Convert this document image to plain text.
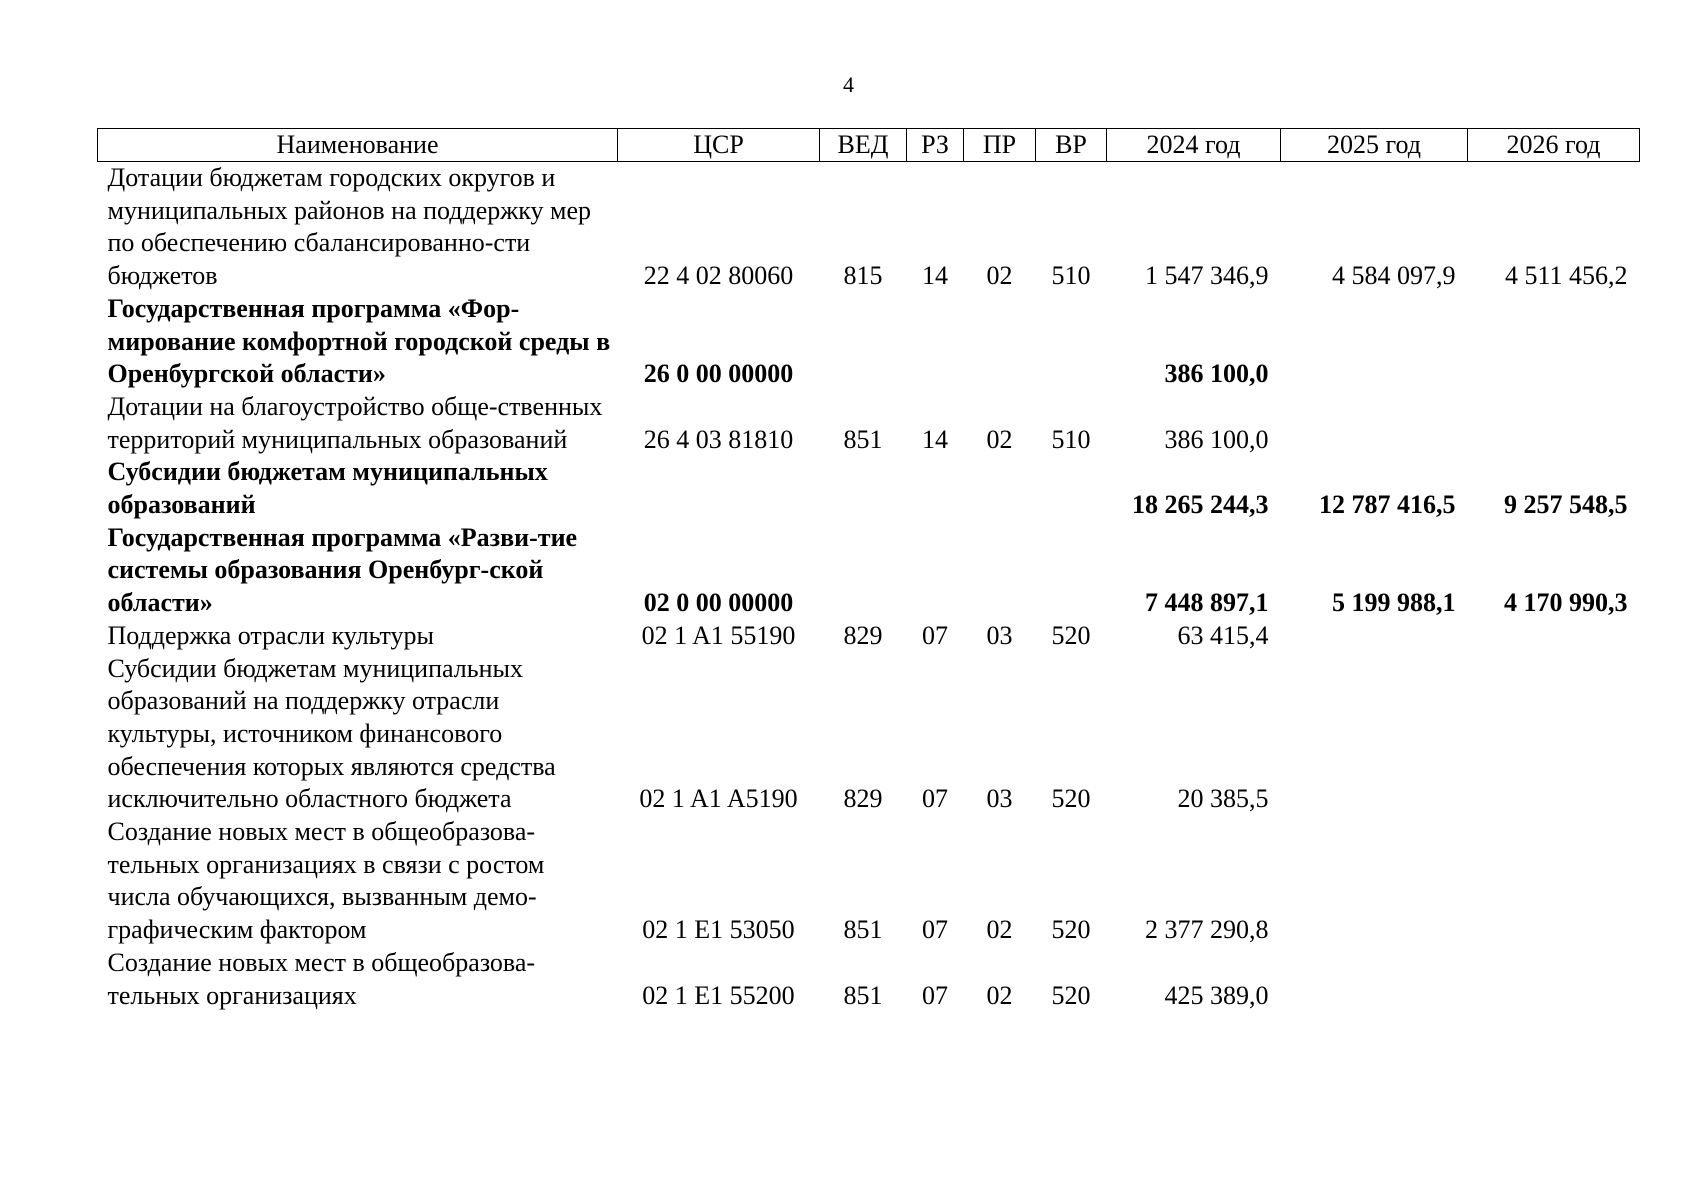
4
Наименование	ЦСР	ВЕД	РЗ	ПР	ВР	2024 год	2025 год	2026 год
Дотации бюджетам городских округов и муниципальных районов на поддержку мер по обеспечению сбалансированно-сти бюджетов	22 4 02 80060	815	14	02	510	1 547 346,9	4 584 097,9	4 511 456,2
Государственная программа «Фор-мирование комфортной городской среды в Оренбургской области»	26 0 00 00000					386 100,0		
Дотации на благоустройство обще-ственных территорий муниципальных образований	26 4 03 81810	851	14	02	510	386 100,0		
Субсидии бюджетам муниципальных образований						18 265 244,3	12 787 416,5	9 257 548,5
Государственная программа «Разви-тие системы образования Оренбург-ской области»	02 0 00 00000					7 448 897,1	5 199 988,1	4 170 990,3
Поддержка отрасли культуры	02 1 A1 55190	829	07	03	520	63 415,4		
Субсидии бюджетам муниципальных образований на поддержку отрасли культуры, источником финансового обеспечения которых являются средства исключительно областного бюджета	02 1 A1 A5190	829	07	03	520	20 385,5		
Создание новых мест в общеобразова-тельных организациях в связи с ростом числа обучающихся, вызванным демо-графическим фактором	02 1 E1 53050	851	07	02	520	2 377 290,8		
Создание новых мест в общеобразова-тельных организациях	02 1 E1 55200	851	07	02	520	425 389,0		
